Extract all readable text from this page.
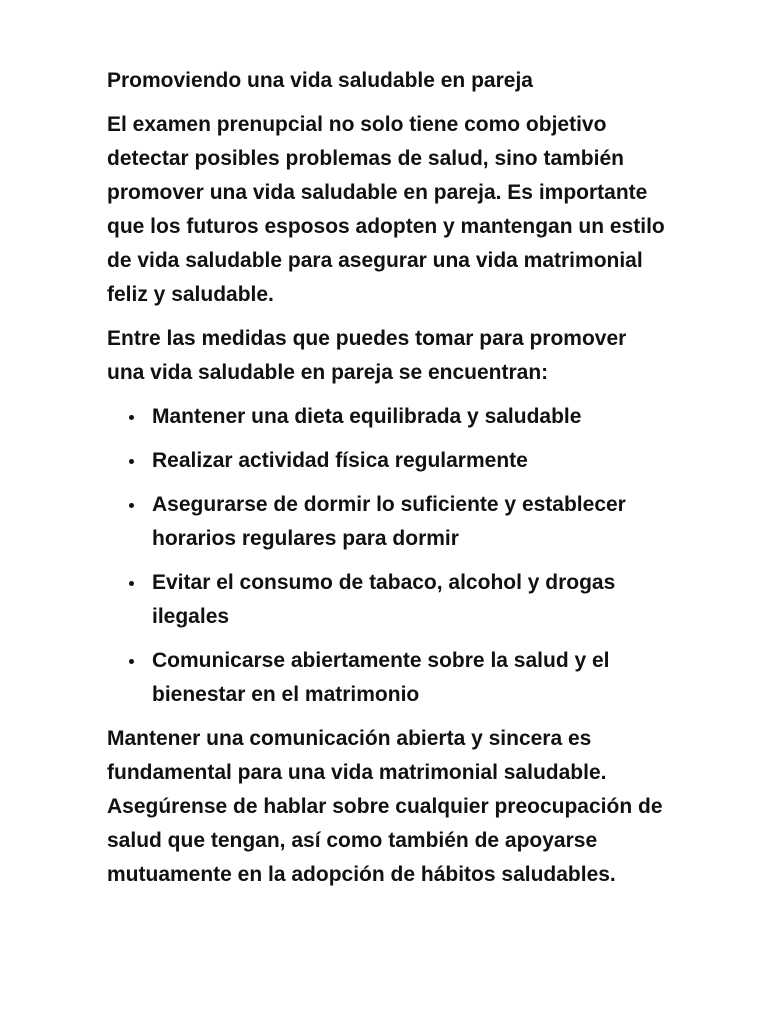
Promoviendo una vida saludable en pareja

El examen prenupcial no solo tiene como objetivo detectar posibles problemas de salud, sino también promover una vida saludable en pareja. Es importante que los futuros esposos adopten y mantengan un estilo de vida saludable para asegurar una vida matrimonial feliz y saludable.

Entre las medidas que puedes tomar para promover una vida saludable en pareja se encuentran:

Mantener una dieta equilibrada y saludable
Realizar actividad física regularmente
Asegurarse de dormir lo suficiente y establecer horarios regulares para dormir
Evitar el consumo de tabaco, alcohol y drogas ilegales
Comunicarse abiertamente sobre la salud y el bienestar en el matrimonio

Mantener una comunicación abierta y sincera es fundamental para una vida matrimonial saludable. Asegúrense de hablar sobre cualquier preocupación de salud que tengan, así como también de apoyarse mutuamente en la adopción de hábitos saludables.
